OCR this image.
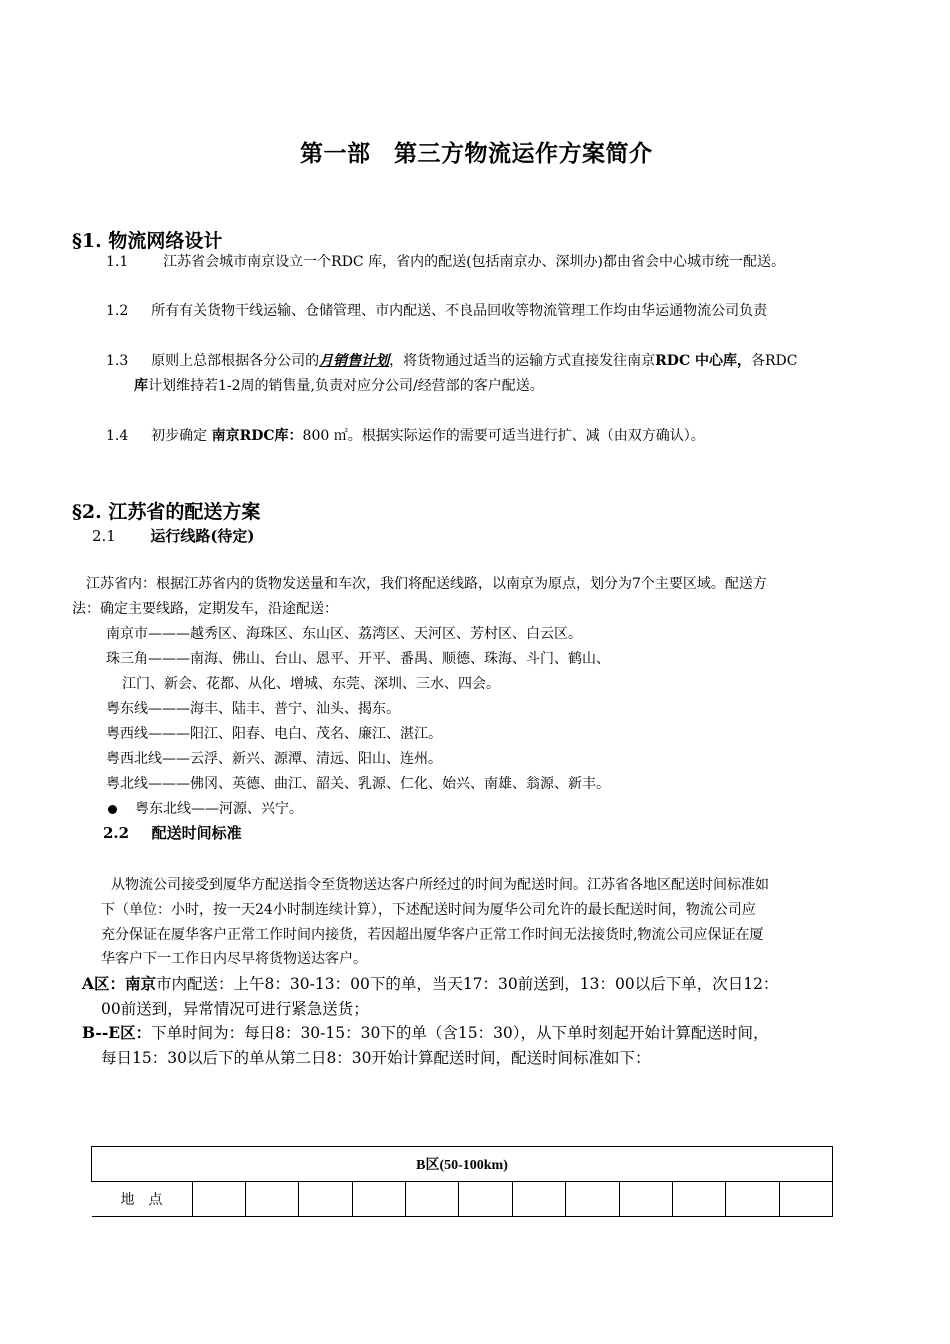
第一部　第三方物流运作方案简介
§1. 物流网络设计
1.1 江苏省会城市南京设立一个RDC 库，省内的配送(包括南京办、深圳办)都由省会中心城市统一配送。
1.2 所有有关货物干线运输、仓储管理、市内配送、不良品回收等物流管理工作均由华运通物流公司负责
1.3 原则上总部根据各分公司的月销售计划，将货物通过适当的运输方式直接发往南京RDC 中心库，各RDC
库计划维持若1-2周的销售量,负责对应分公司/经营部的客户配送。
1.4 初步确定 南京RDC库：800 ㎡。根据实际运作的需要可适当进行扩、减（由双方确认）。
§2. 江苏省的配送方案
2.1 运行线路(待定)
江苏省内：根据江苏省内的货物发送量和车次，我们将配送线路，以南京为原点，划分为7个主要区域。配送方
法：确定主要线路，定期发车，沿途配送：
南京市———越秀区、海珠区、东山区、荔湾区、天河区、芳村区、白云区。
珠三角———南海、佛山、台山、恩平、开平、番禺、顺德、珠海、斗门、鹤山、
江门、新会、花都、从化、增城、东莞、深圳、三水、四会。
粤东线———海丰、陆丰、普宁、汕头、揭东。
粤西线———阳江、阳春、电白、茂名、廉江、湛江。
粤西北线——云浮、新兴、源潭、清远、阳山、连州。
粤北线———佛冈、英德、曲江、韶关、乳源、仁化、始兴、南雄、翁源、新丰。
粤东北线——河源、兴宁。
2.2 配送时间标准
从物流公司接受到厦华方配送指令至货物送达客户所经过的时间为配送时间。江苏省各地区配送时间标准如
下（单位：小时，按一天24小时制连续计算），下述配送时间为厦华公司允许的最长配送时间，物流公司应
充分保证在厦华客户正常工作时间内接货，若因超出厦华客户正常工作时间无法接货时,物流公司应保证在厦
华客户下一工作日内尽早将货物送达客户。
A区：南京市内配送：上午8：30-13：00下的单，当天17：30前送到，13：00以后下单，次日12：
00前送到，异常情况可进行紧急送货；
B--E区：下单时间为：每日8：30-15：30下的单（含15：30），从下单时刻起开始计算配送时间，
每日15：30以后下的单从第二日8：30开始计算配送时间，配送时间标准如下：
B区(50-100km)
地　点												
